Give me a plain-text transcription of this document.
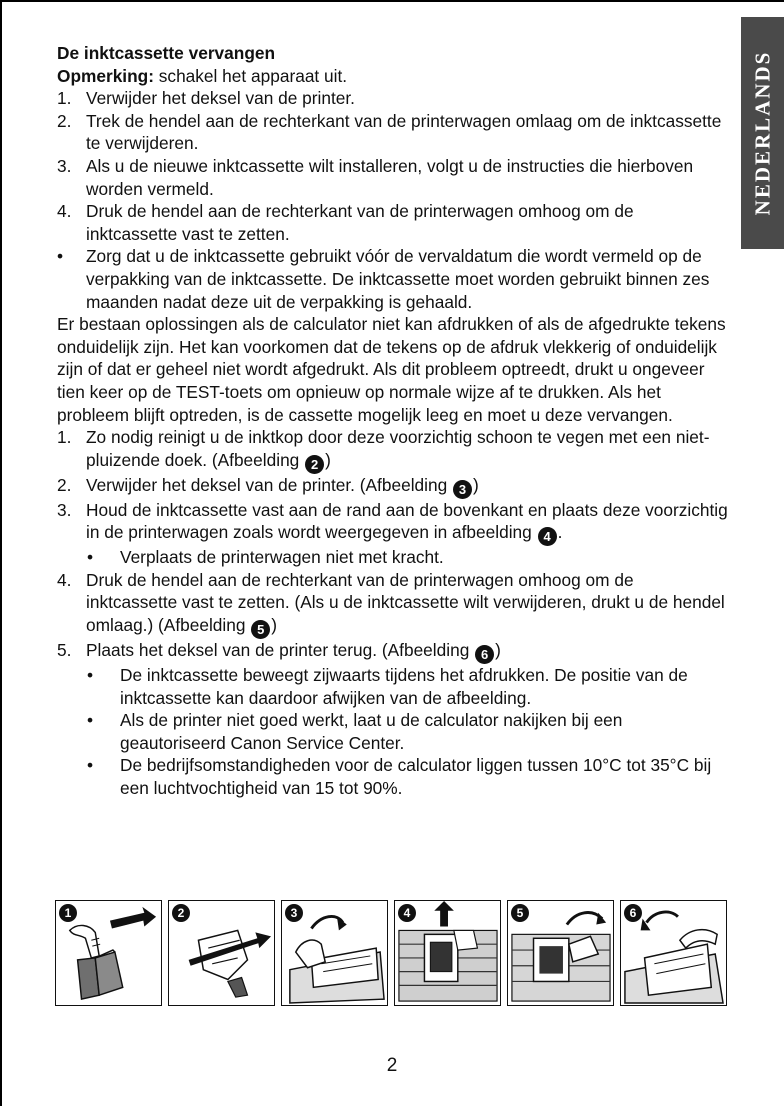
NEDERLANDS
De inktcassette vervangen
Opmerking: schakel het apparaat uit.
1. Verwijder het deksel van de printer.
2. Trek de hendel aan de rechterkant van de printerwagen omlaag om de inktcassette te verwijderen.
3. Als u de nieuwe inktcassette wilt installeren, volgt u de instructies die hierboven worden vermeld.
4. Druk de hendel aan de rechterkant van de printerwagen omhoog om de inktcassette vast te zetten.
• Zorg dat u de inktcassette gebruikt vóór de vervaldatum die wordt vermeld op de verpakking van de inktcassette. De inktcassette moet worden gebruikt binnen zes maanden nadat deze uit de verpakking is gehaald.
Er bestaan oplossingen als de calculator niet kan afdrukken of als de afgedrukte tekens onduidelijk zijn. Het kan voorkomen dat de tekens op de afdruk vlekkerig of onduidelijk zijn of dat er geheel niet wordt afgedrukt. Als dit probleem optreedt, drukt u ongeveer tien keer op de TEST-toets om opnieuw op normale wijze af te drukken. Als het probleem blijft optreden, is de cassette mogelijk leeg en moet u deze vervangen.
1. Zo nodig reinigt u de inktkop door deze voorzichtig schoon te vegen met een niet-pluizende doek. (Afbeelding 2 )
2. Verwijder het deksel van de printer. (Afbeelding 3 )
3. Houd de inktcassette vast aan de rand aan de bovenkant en plaats deze voorzichtig in de printerwagen zoals wordt weergegeven in afbeelding 4 .
• Verplaats de printerwagen niet met kracht.
4. Druk de hendel aan de rechterkant van de printerwagen omhoog om de inktcassette vast te zetten. (Als u de inktcassette wilt verwijderen, drukt u de hendel omlaag.) (Afbeelding 5 )
5. Plaats het deksel van de printer terug. (Afbeelding 6 )
• De inktcassette beweegt zijwaarts tijdens het afdrukken. De positie van de inktcassette kan daardoor afwijken van de afbeelding.
• Als de printer niet goed werkt, laat u de calculator nakijken bij een geautoriseerd Canon Service Center.
• De bedrijfsomstandigheden voor de calculator liggen tussen 10°C tot 35°C bij een luchtvochtigheid van 15 tot 90%.
1	2	3	4	5	6
2
